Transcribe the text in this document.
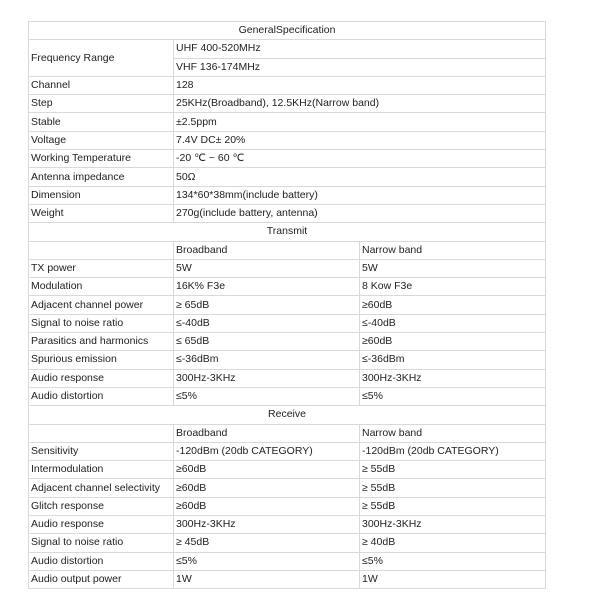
GeneralSpecification		
Frequency Range	UHF 400-520MHz	
	VHF 136-174MHz	
Channel	128	
Step	25KHz(Broadband), 12.5KHz(Narrow band)	
Stable	±2.5ppm	
Voltage	7.4V DC± 20%	
Working Temperature	-20 ℃ ~ 60 ℃	
Antenna impedance	50Ω	
Dimension	134*60*38mm(include battery)	
Weight	270g(include battery, antenna)	
Transmit		
	Broadband	Narrow band
TX power	5W	5W
Modulation	16K% F3e	8 Kow F3e
Adjacent channel power	≥ 65dB	≥60dB
Signal to noise ratio	≤-40dB	≤-40dB
Parasitics and harmonics	≤ 65dB	≥60dB
Spurious emission	≤-36dBm	≤-36dBm
Audio response	300Hz-3KHz	300Hz-3KHz
Audio distortion	≤5%	≤5%
Receive		
	Broadband	Narrow band
Sensitivity	-120dBm (20db CATEGORY)	-120dBm (20db CATEGORY)
Intermodulation	≥60dB	≥ 55dB
Adjacent channel selectivity	≥60dB	≥ 55dB
Glitch response	≥60dB	≥ 55dB
Audio response	300Hz-3KHz	300Hz-3KHz
Signal to noise ratio	≥ 45dB	≥ 40dB
Audio distortion	≤5%	≤5%
Audio output power	1W	1W
